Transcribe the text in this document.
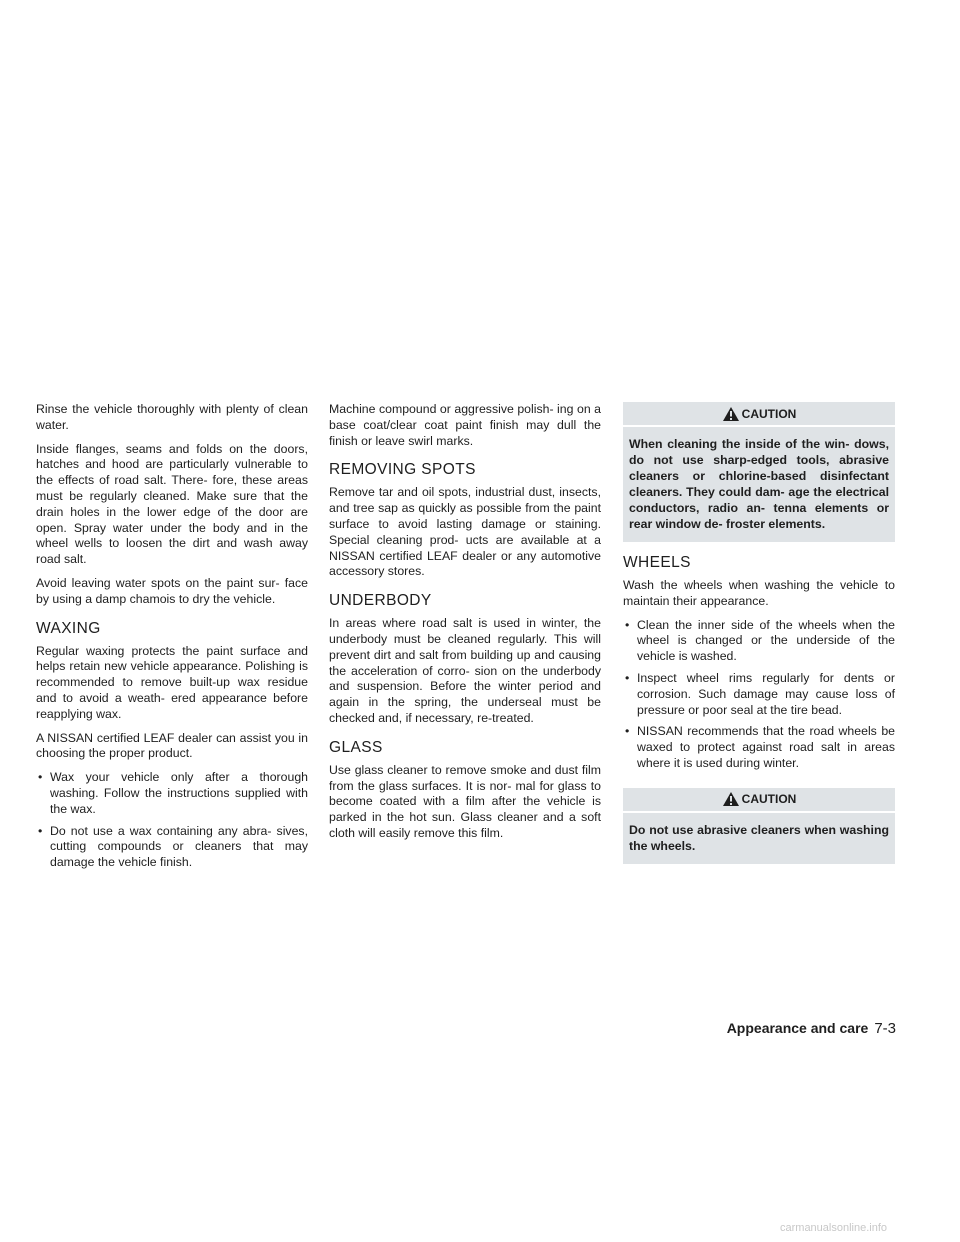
Rinse the vehicle thoroughly with plenty of clean water.

Inside flanges, seams and folds on the doors, hatches and hood are particularly vulnerable to the effects of road salt. There- fore, these areas must be regularly cleaned. Make sure that the drain holes in the lower edge of the door are open. Spray water under the body and in the wheel wells to loosen the dirt and wash away road salt.

Avoid leaving water spots on the paint sur- face by using a damp chamois to dry the vehicle.

WAXING

Regular waxing protects the paint surface and helps retain new vehicle appearance. Polishing is recommended to remove built-up wax residue and to avoid a weath- ered appearance before reapplying wax.

A NISSAN certified LEAF dealer can assist you in choosing the proper product.

• Wax your vehicle only after a thorough washing. Follow the instructions supplied with the wax.
• Do not use a wax containing any abra- sives, cutting compounds or cleaners that may damage the vehicle finish.

Machine compound or aggressive polish- ing on a base coat/clear coat paint finish may dull the finish or leave swirl marks.

REMOVING SPOTS

Remove tar and oil spots, industrial dust, insects, and tree sap as quickly as possible from the paint surface to avoid lasting damage or staining. Special cleaning prod- ucts are available at a NISSAN certified LEAF dealer or any automotive accessory stores.

UNDERBODY

In areas where road salt is used in winter, the underbody must be cleaned regularly. This will prevent dirt and salt from building up and causing the acceleration of corro- sion on the underbody and suspension. Before the winter period and again in the spring, the underseal must be checked and, if necessary, re-treated.

GLASS

Use glass cleaner to remove smoke and dust film from the glass surfaces. It is nor- mal for glass to become coated with a film after the vehicle is parked in the hot sun. Glass cleaner and a soft cloth will easily remove this film.

CAUTION
When cleaning the inside of the win- dows, do not use sharp-edged tools, abrasive cleaners or chlorine-based disinfectant cleaners. They could dam- age the electrical conductors, radio an- tenna elements or rear window de- froster elements.
WHEELS

Wash the wheels when washing the vehicle to maintain their appearance.

• Clean the inner side of the wheels when the wheel is changed or the underside of the vehicle is washed.
• Inspect wheel rims regularly for dents or corrosion. Such damage may cause loss of pressure or poor seal at the tire bead.
• NISSAN recommends that the road wheels be waxed to protect against road salt in areas where it is used during winter.
CAUTION
Do not use abrasive cleaners when washing the wheels.
Appearance and care 7-3
carmanualsonline.info
